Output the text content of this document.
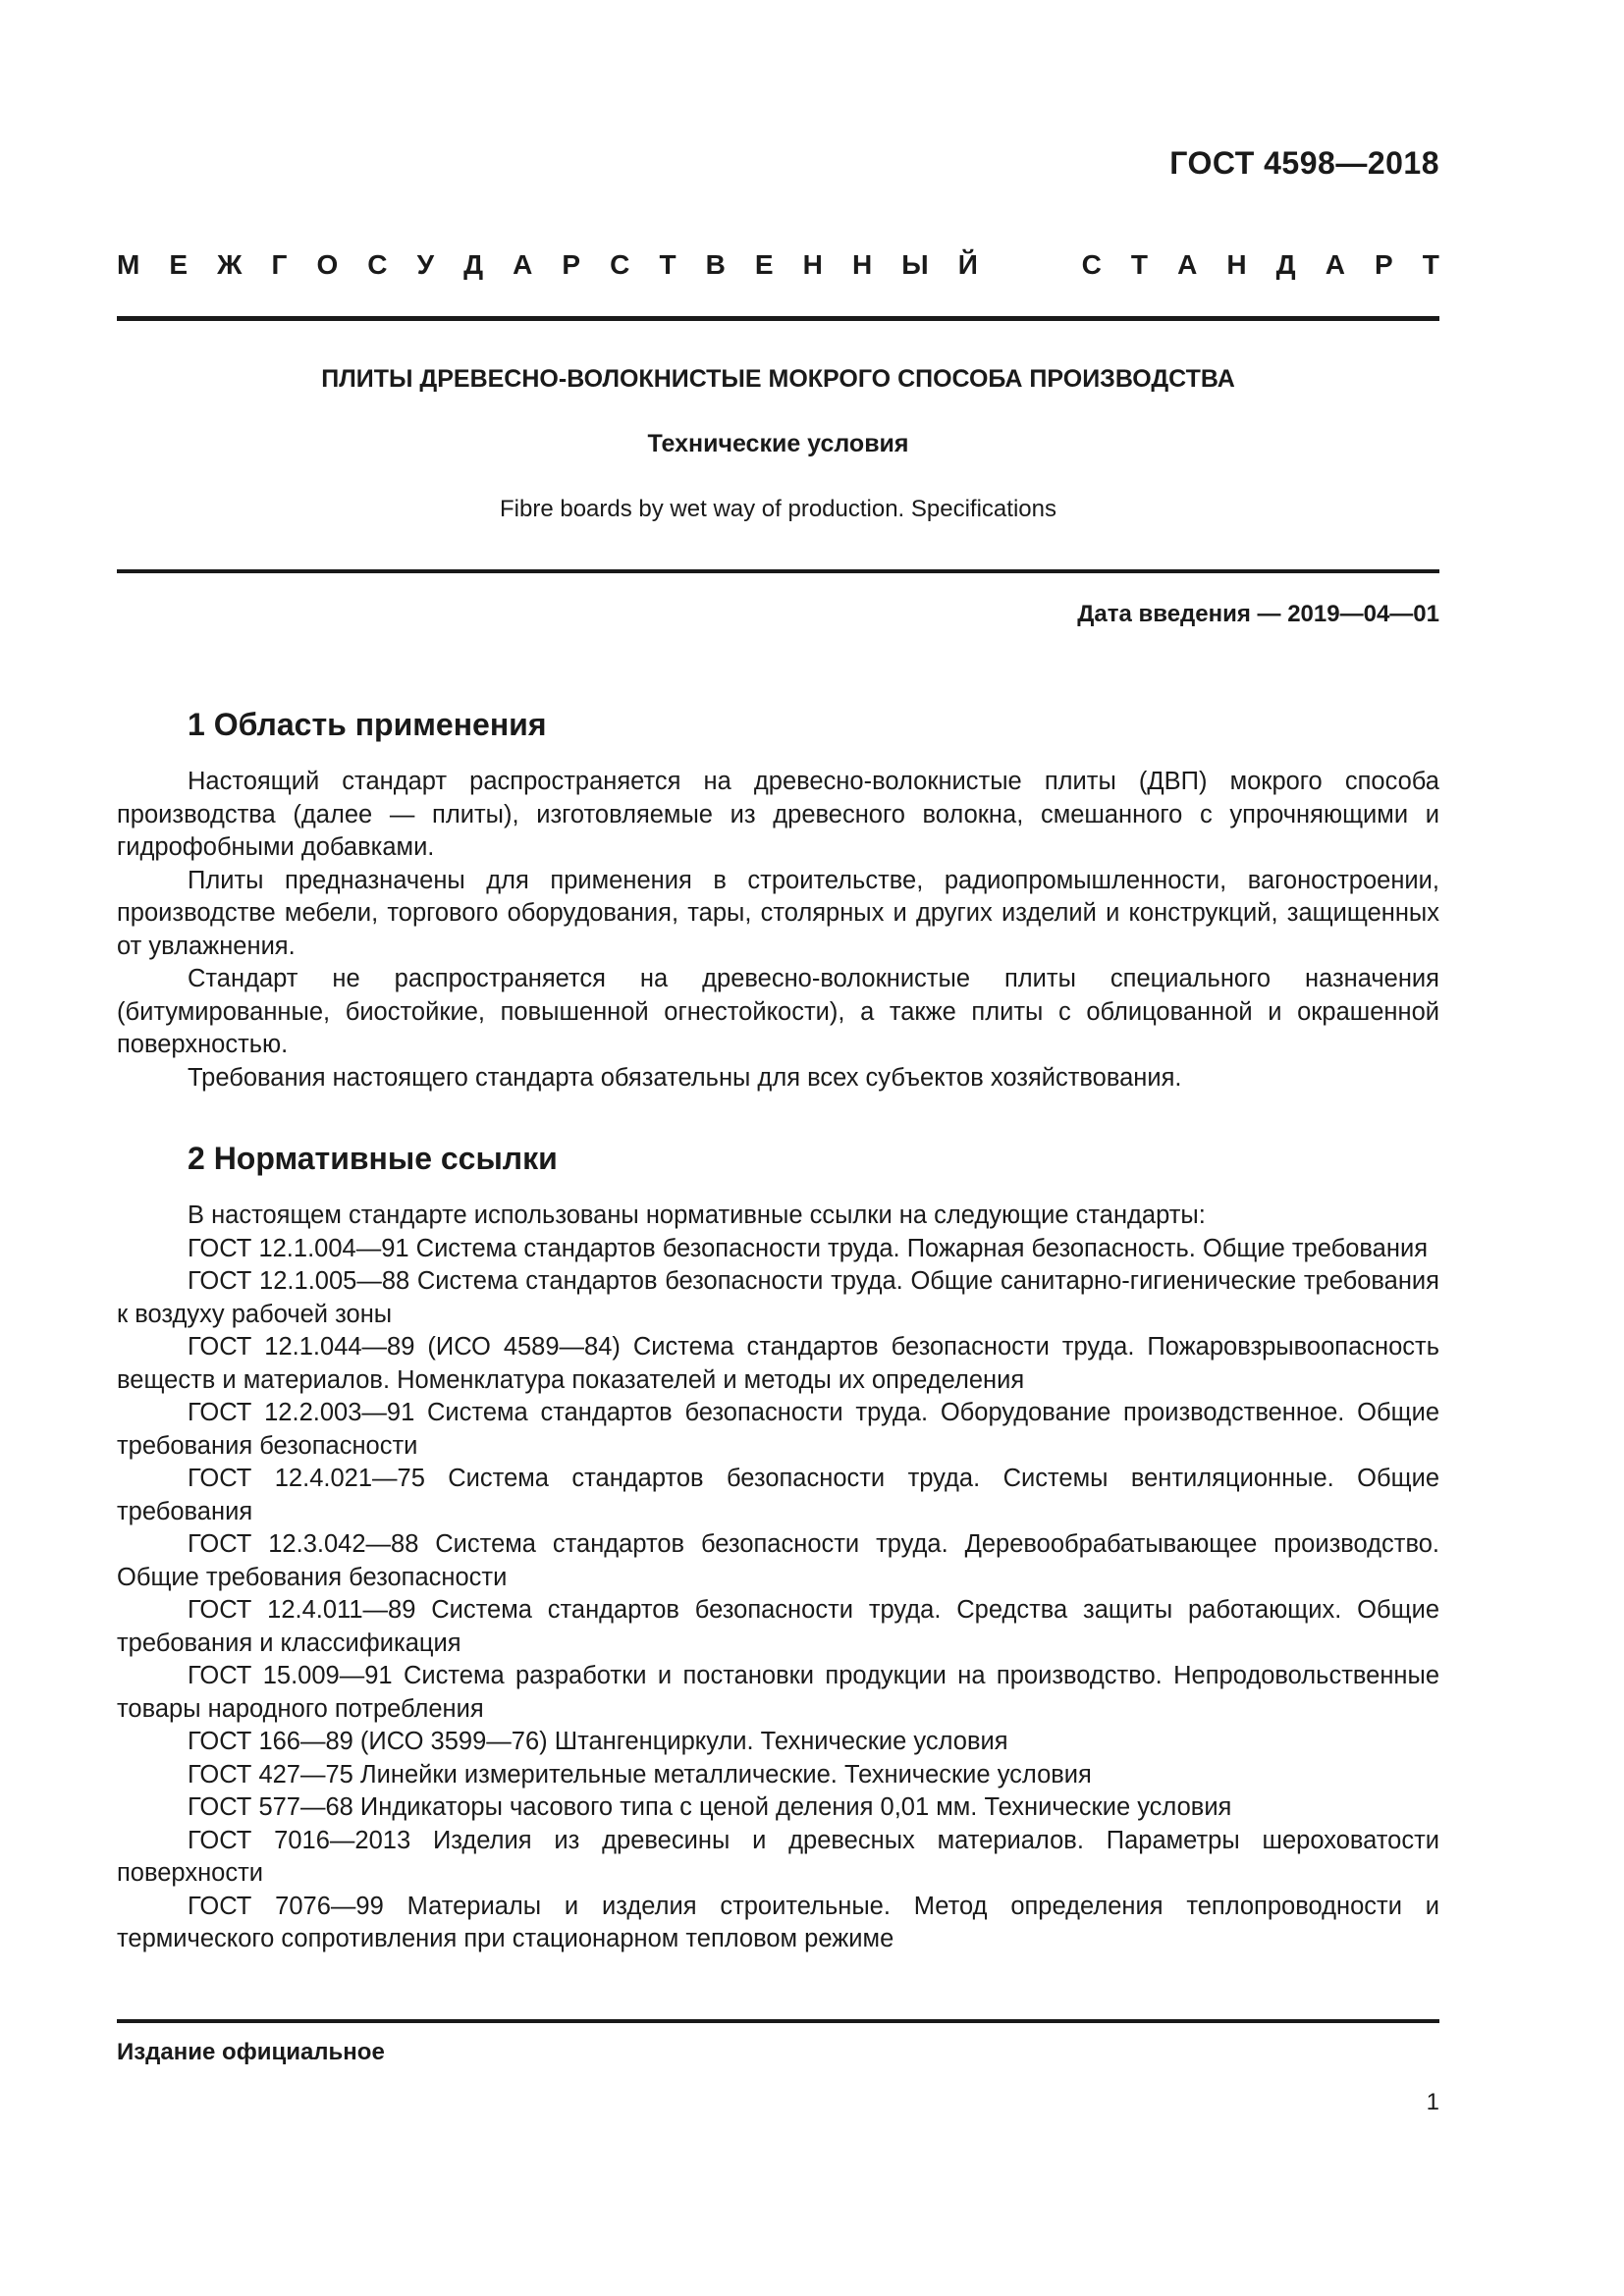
ГОСТ 4598—2018
М Е Ж Г О С У Д А Р С Т В Е Н Н Ы Й

	С Т А Н Д А Р Т
ПЛИТЫ ДРЕВЕСНО-ВОЛОКНИСТЫЕ МОКРОГО СПОСОБА ПРОИЗВОДСТВА
Технические условия
Fibre boards by wet way of production. Specifications
Дата введения — 2019—04—01
1 Область применения

Настоящий стандарт распространяется на древесно-волокнистые плиты (ДВП) мокрого способа производства (далее — плиты), изготовляемые из древесного волокна, смешанного с упрочняющими и гидрофобными добавками.

Плиты предназначены для применения в строительстве, радиопромышленности, вагоностроении, производстве мебели, торгового оборудования, тары, столярных и других изделий и конструкций, защищенных от увлажнения.

Стандарт не распространяется на древесно-волокнистые плиты специального назначения (битумированные, биостойкие, повышенной огнестойкости), а также плиты с облицованной и окрашенной поверхностью.

Требования настоящего стандарта обязательны для всех субъектов хозяйствования.

2 Нормативные ссылки

В настоящем стандарте использованы нормативные ссылки на следующие стандарты:

ГОСТ 12.1.004—91 Система стандартов безопасности труда. Пожарная безопасность. Общие требования

ГОСТ 12.1.005—88 Система стандартов безопасности труда. Общие санитарно-гигиенические требования к воздуху рабочей зоны

ГОСТ 12.1.044—89 (ИСО 4589—84) Система стандартов безопасности труда. Пожаровзрывоопасность веществ и материалов. Номенклатура показателей и методы их определения

ГОСТ 12.2.003—91 Система стандартов безопасности труда. Оборудование производственное. Общие требования безопасности

ГОСТ 12.4.021—75 Система стандартов безопасности труда. Системы вентиляционные. Общие требования

ГОСТ 12.3.042—88 Система стандартов безопасности труда. Деревообрабатывающее производство. Общие требования безопасности

ГОСТ 12.4.011—89 Система стандартов безопасности труда. Средства защиты работающих. Общие требования и классификация

ГОСТ 15.009—91 Система разработки и постановки продукции на производство. Непродовольственные товары народного потребления

ГОСТ 166—89 (ИСО 3599—76) Штангенциркули. Технические условия

ГОСТ 427—75 Линейки измерительные металлические. Технические условия

ГОСТ 577—68 Индикаторы часового типа с ценой деления 0,01 мм. Технические условия

ГОСТ 7016—2013 Изделия из древесины и древесных материалов. Параметры шероховатости поверхности

ГОСТ 7076—99 Материалы и изделия строительные. Метод определения теплопроводности и термического сопротивления при стационарном тепловом режиме

Издание официальное
1
